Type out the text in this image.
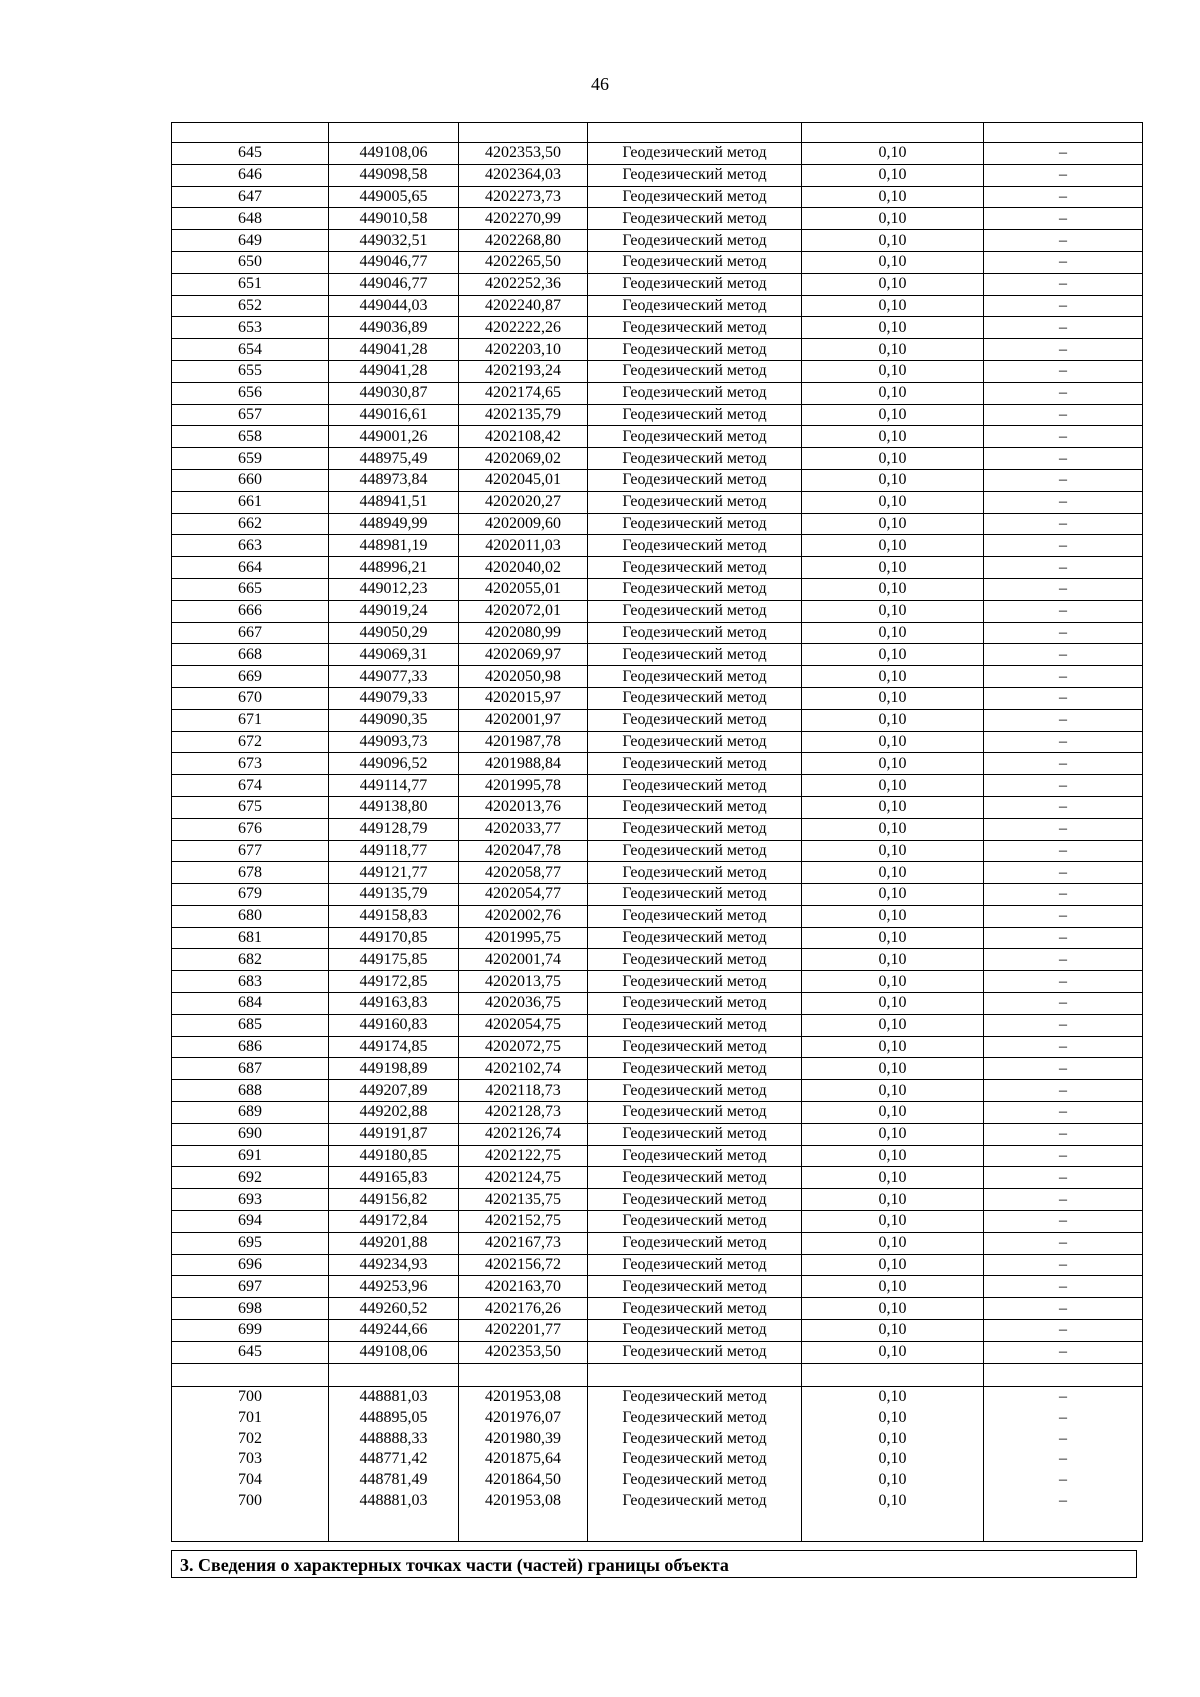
46

645	449108,06	4202353,50	Геодезический метод	0,10	–
646	449098,58	4202364,03	Геодезический метод	0,10	–
647	449005,65	4202273,73	Геодезический метод	0,10	–
648	449010,58	4202270,99	Геодезический метод	0,10	–
649	449032,51	4202268,80	Геодезический метод	0,10	–
650	449046,77	4202265,50	Геодезический метод	0,10	–
651	449046,77	4202252,36	Геодезический метод	0,10	–
652	449044,03	4202240,87	Геодезический метод	0,10	–
653	449036,89	4202222,26	Геодезический метод	0,10	–
654	449041,28	4202203,10	Геодезический метод	0,10	–
655	449041,28	4202193,24	Геодезический метод	0,10	–
656	449030,87	4202174,65	Геодезический метод	0,10	–
657	449016,61	4202135,79	Геодезический метод	0,10	–
658	449001,26	4202108,42	Геодезический метод	0,10	–
659	448975,49	4202069,02	Геодезический метод	0,10	–
660	448973,84	4202045,01	Геодезический метод	0,10	–
661	448941,51	4202020,27	Геодезический метод	0,10	–
662	448949,99	4202009,60	Геодезический метод	0,10	–
663	448981,19	4202011,03	Геодезический метод	0,10	–
664	448996,21	4202040,02	Геодезический метод	0,10	–
665	449012,23	4202055,01	Геодезический метод	0,10	–
666	449019,24	4202072,01	Геодезический метод	0,10	–
667	449050,29	4202080,99	Геодезический метод	0,10	–
668	449069,31	4202069,97	Геодезический метод	0,10	–
669	449077,33	4202050,98	Геодезический метод	0,10	–
670	449079,33	4202015,97	Геодезический метод	0,10	–
671	449090,35	4202001,97	Геодезический метод	0,10	–
672	449093,73	4201987,78	Геодезический метод	0,10	–
673	449096,52	4201988,84	Геодезический метод	0,10	–
674	449114,77	4201995,78	Геодезический метод	0,10	–
675	449138,80	4202013,76	Геодезический метод	0,10	–
676	449128,79	4202033,77	Геодезический метод	0,10	–
677	449118,77	4202047,78	Геодезический метод	0,10	–
678	449121,77	4202058,77	Геодезический метод	0,10	–
679	449135,79	4202054,77	Геодезический метод	0,10	–
680	449158,83	4202002,76	Геодезический метод	0,10	–
681	449170,85	4201995,75	Геодезический метод	0,10	–
682	449175,85	4202001,74	Геодезический метод	0,10	–
683	449172,85	4202013,75	Геодезический метод	0,10	–
684	449163,83	4202036,75	Геодезический метод	0,10	–
685	449160,83	4202054,75	Геодезический метод	0,10	–
686	449174,85	4202072,75	Геодезический метод	0,10	–
687	449198,89	4202102,74	Геодезический метод	0,10	–
688	449207,89	4202118,73	Геодезический метод	0,10	–
689	449202,88	4202128,73	Геодезический метод	0,10	–
690	449191,87	4202126,74	Геодезический метод	0,10	–
691	449180,85	4202122,75	Геодезический метод	0,10	–
692	449165,83	4202124,75	Геодезический метод	0,10	–
693	449156,82	4202135,75	Геодезический метод	0,10	–
694	449172,84	4202152,75	Геодезический метод	0,10	–
695	449201,88	4202167,73	Геодезический метод	0,10	–
696	449234,93	4202156,72	Геодезический метод	0,10	–
697	449253,96	4202163,70	Геодезический метод	0,10	–
698	449260,52	4202176,26	Геодезический метод	0,10	–
699	449244,66	4202201,77	Геодезический метод	0,10	–
645	449108,06	4202353,50	Геодезический метод	0,10	–

700	448881,03	4201953,08	Геодезический метод	0,10	–
701	448895,05	4201976,07	Геодезический метод	0,10	–
702	448888,33	4201980,39	Геодезический метод	0,10	–
703	448771,42	4201875,64	Геодезический метод	0,10	–
704	448781,49	4201864,50	Геодезический метод	0,10	–
700	448881,03	4201953,08	Геодезический метод	0,10	–

3. Сведения о характерных точках части (частей) границы объекта
